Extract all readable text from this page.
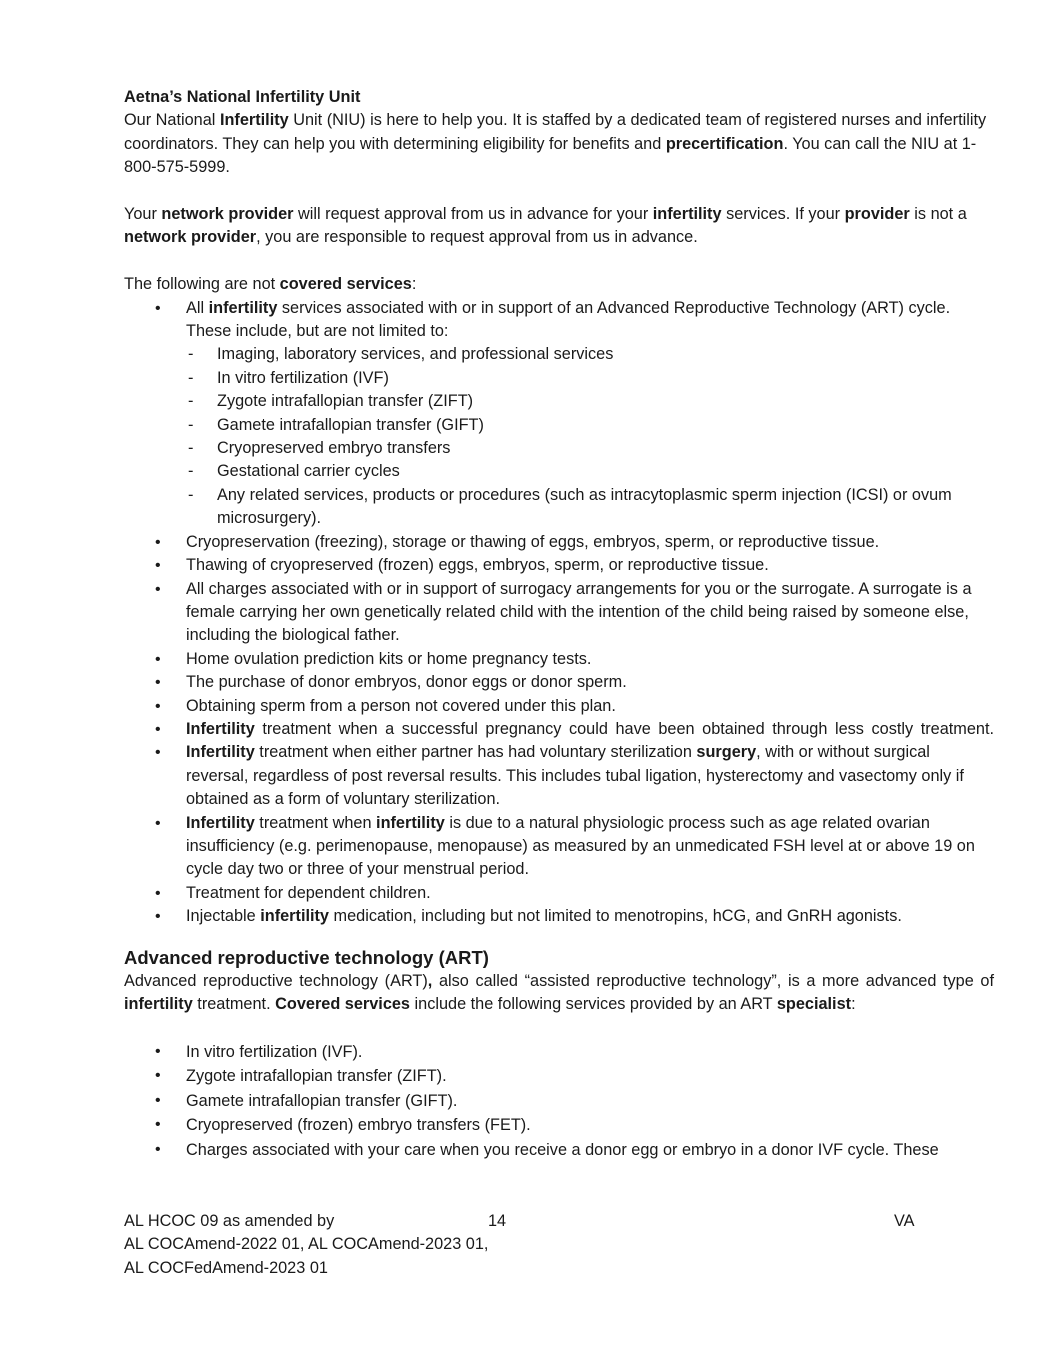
Aetna’s National Infertility Unit

Our National Infertility Unit (NIU) is here to help you. It is staffed by a dedicated team of registered nurses and infertility coordinators. They can help you with determining eligibility for benefits and precertification. You can call the NIU at 1-800-575-5999.

Your network provider will request approval from us in advance for your infertility services. If your provider is not a network provider, you are responsible to request approval from us in advance.

The following are not covered services:

• All infertility services associated with or in support of an Advanced Reproductive Technology (ART) cycle. These include, but are not limited to:
- Imaging, laboratory services, and professional services
- In vitro fertilization (IVF)
- Zygote intrafallopian transfer (ZIFT)
- Gamete intrafallopian transfer (GIFT)
- Cryopreserved embryo transfers
- Gestational carrier cycles
- Any related services, products or procedures (such as intracytoplasmic sperm injection (ICSI) or ovum microsurgery).
• Cryopreservation (freezing), storage or thawing of eggs, embryos, sperm, or reproductive tissue.
• Thawing of cryopreserved (frozen) eggs, embryos, sperm, or reproductive tissue.
• All charges associated with or in support of surrogacy arrangements for you or the surrogate. A surrogate is a female carrying her own genetically related child with the intention of the child being raised by someone else, including the biological father.
• Home ovulation prediction kits or home pregnancy tests.
• The purchase of donor embryos, donor eggs or donor sperm.
• Obtaining sperm from a person not covered under this plan.
• Infertility treatment when a successful pregnancy could have been obtained through less costly treatment.
• Infertility treatment when either partner has had voluntary sterilization surgery, with or without surgical reversal, regardless of post reversal results. This includes tubal ligation, hysterectomy and vasectomy only if obtained as a form of voluntary sterilization.
• Infertility treatment when infertility is due to a natural physiologic process such as age related ovarian insufficiency (e.g. perimenopause, menopause) as measured by an unmedicated FSH level at or above 19 on cycle day two or three of your menstrual period.
• Treatment for dependent children.
• Injectable infertility medication, including but not limited to menotropins, hCG, and GnRH agonists.
Advanced reproductive technology (ART)

Advanced reproductive technology (ART), also called “assisted reproductive technology”, is a more advanced type of infertility treatment. Covered services include the following services provided by an ART specialist:

• In vitro fertilization (IVF).
• Zygote intrafallopian transfer (ZIFT).
• Gamete intrafallopian transfer (GIFT).
• Cryopreserved (frozen) embryo transfers (FET).
• Charges associated with your care when you receive a donor egg or embryo in a donor IVF cycle. These
AL HCOC 09 as amended by	14	VA
AL COCAmend-2022 01, AL COCAmend-2023 01,
AL COCFedAmend-2023 01
